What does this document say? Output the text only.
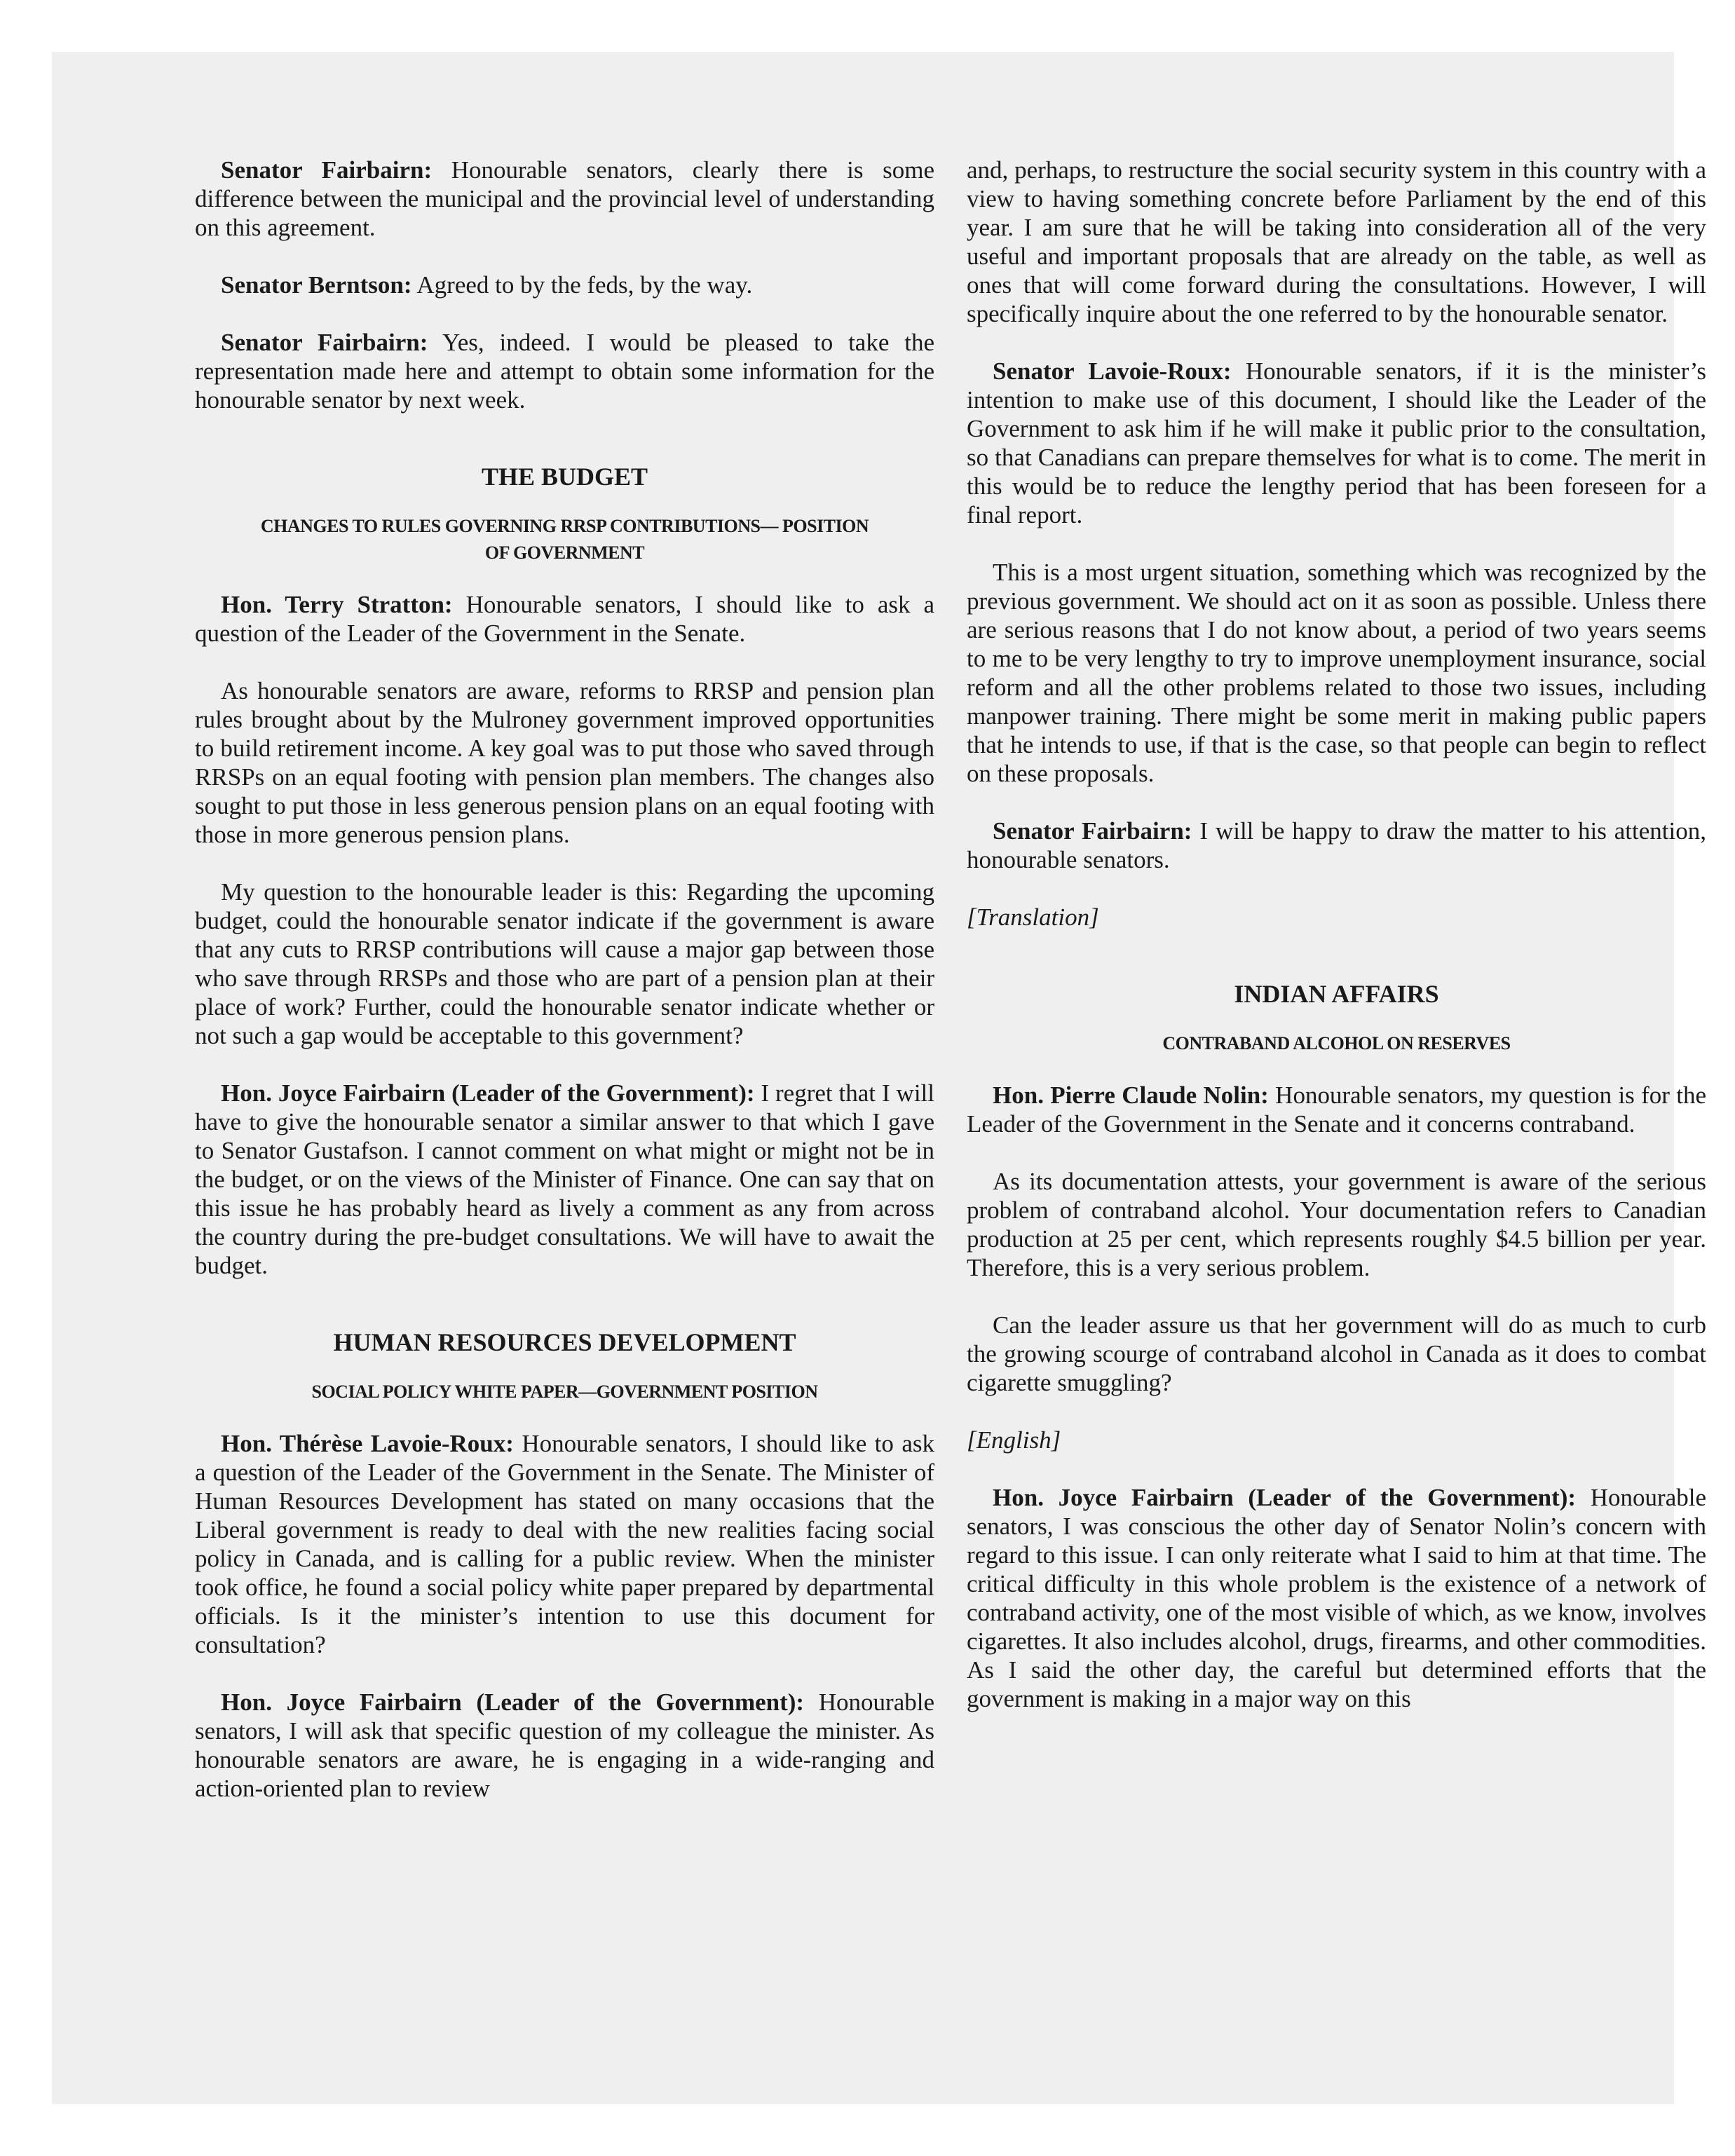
Senator Fairbairn: Honourable senators, clearly there is some difference between the municipal and the provincial level of understanding on this agreement.

Senator Berntson: Agreed to by the feds, by the way.

Senator Fairbairn: Yes, indeed. I would be pleased to take the representation made here and attempt to obtain some information for the honourable senator by next week.

THE BUDGET
CHANGES TO RULES GOVERNING RRSP CONTRIBUTIONS— POSITION OF GOVERNMENT

Hon. Terry Stratton: Honourable senators, I should like to ask a question of the Leader of the Government in the Senate.

As honourable senators are aware, reforms to RRSP and pension plan rules brought about by the Mulroney government improved opportunities to build retirement income. A key goal was to put those who saved through RRSPs on an equal footing with pension plan members. The changes also sought to put those in less generous pension plans on an equal footing with those in more generous pension plans.

My question to the honourable leader is this: Regarding the upcoming budget, could the honourable senator indicate if the government is aware that any cuts to RRSP contributions will cause a major gap between those who save through RRSPs and those who are part of a pension plan at their place of work? Further, could the honourable senator indicate whether or not such a gap would be acceptable to this government?

Hon. Joyce Fairbairn (Leader of the Government): I regret that I will have to give the honourable senator a similar answer to that which I gave to Senator Gustafson. I cannot comment on what might or might not be in the budget, or on the views of the Minister of Finance. One can say that on this issue he has probably heard as lively a comment as any from across the country during the pre-budget consultations. We will have to await the budget.

HUMAN RESOURCES DEVELOPMENT
SOCIAL POLICY WHITE PAPER—GOVERNMENT POSITION

Hon. Thérèse Lavoie-Roux: Honourable senators, I should like to ask a question of the Leader of the Government in the Senate. The Minister of Human Resources Development has stated on many occasions that the Liberal government is ready to deal with the new realities facing social policy in Canada, and is calling for a public review. When the minister took office, he found a social policy white paper prepared by departmental officials. Is it the minister’s intention to use this document for consultation?

Hon. Joyce Fairbairn (Leader of the Government): Honourable senators, I will ask that specific question of my colleague the minister. As honourable senators are aware, he is engaging in a wide-ranging and action-oriented plan to review

and, perhaps, to restructure the social security system in this country with a view to having something concrete before Parliament by the end of this year. I am sure that he will be taking into consideration all of the very useful and important proposals that are already on the table, as well as ones that will come forward during the consultations. However, I will specifically inquire about the one referred to by the honourable senator.

Senator Lavoie-Roux: Honourable senators, if it is the minister’s intention to make use of this document, I should like the Leader of the Government to ask him if he will make it public prior to the consultation, so that Canadians can prepare themselves for what is to come. The merit in this would be to reduce the lengthy period that has been foreseen for a final report.

This is a most urgent situation, something which was recognized by the previous government. We should act on it as soon as possible. Unless there are serious reasons that I do not know about, a period of two years seems to me to be very lengthy to try to improve unemployment insurance, social reform and all the other problems related to those two issues, including manpower training. There might be some merit in making public papers that he intends to use, if that is the case, so that people can begin to reflect on these proposals.

Senator Fairbairn: I will be happy to draw the matter to his attention, honourable senators.

[Translation]

INDIAN AFFAIRS
CONTRABAND ALCOHOL ON RESERVES

Hon. Pierre Claude Nolin: Honourable senators, my question is for the Leader of the Government in the Senate and it concerns contraband.

As its documentation attests, your government is aware of the serious problem of contraband alcohol. Your documentation refers to Canadian production at 25 per cent, which represents roughly $4.5 billion per year. Therefore, this is a very serious problem.

Can the leader assure us that her government will do as much to curb the growing scourge of contraband alcohol in Canada as it does to combat cigarette smuggling?

[English]

Hon. Joyce Fairbairn (Leader of the Government): Honourable senators, I was conscious the other day of Senator Nolin’s concern with regard to this issue. I can only reiterate what I said to him at that time. The critical difficulty in this whole problem is the existence of a network of contraband activity, one of the most visible of which, as we know, involves cigarettes. It also includes alcohol, drugs, firearms, and other commodities. As I said the other day, the careful but determined efforts that the government is making in a major way on this
